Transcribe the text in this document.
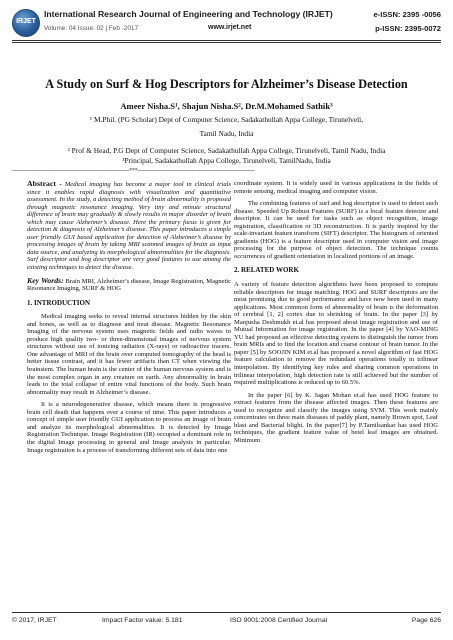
IRJET
International Research Journal of Engineering and Technology (IRJET)
Volume: 04 Issue: 02 | Feb -2017	www.irjet.net
e-ISSN: 2395 -0056
p-ISSN: 2395-0072
A Study on Surf & Hog Descriptors for Alzheimer’s Disease Detection
Ameer Nisha.S¹, Shajun Nisha.S², Dr.M.Mohamed Sathik³
¹ M.Phil. (PG Scholar) Dept of Computer Science, Sadakathullah Appa College, Tirunelveli,
Tamil Nadu, India
² Prof & Head, P.G Dept of Computer Science, Sadakathullah Appa College, Tirunelveli, Tamil Nadu, India
³Principal, Sadakathullah Appa College, Tirunelveli, TamilNadu, India
---------------------------------------------------------------------***---------------------------------------------------------------------

Abstract - Medical imaging has become a major tool in clinical trials since it enables rapid diagnosis with visualization and quantitative assessment. In the study, a detecting method of brain abnormality is proposed through magnetic resonance imaging. Very tiny and minute structural difference of brain may gradually & slowly results in major disorder of brain which may cause Alzheimer’s disease. Here the primary focus is given for detection & diagnosis of Alzheimer’s disease. This paper introduces a simple user friendly GUI based application for detection of Alzheimer’s disease by processing images of brain by taking MRI scanned images of brain as input data source, and analyzing its morphological abnormalities for the diagnosis. Surf descriptor and hog descriptor are very good features to use among the existing techniques to detect the disease.

Key Words: Brain MRI, Alzheimer’s disease, Image Registration, Magnetic Resonance Imaging, SURF & HOG

1. INTRODUCTION

Medical imaging seeks to reveal internal structures hidden by the skin and bones, as well as to diagnose and treat disease. Magnetic Resonance Imaging of the nervous system uses magnetic fields and radio waves to produce high quality two- or three-dimensional images of nervous system structures without use of ionizing radiation (X-rays) or radioactive tracers. One advantage of MRI of the brain over computed tomography of the head is better tissue contrast, and it has fewer artifacts than CT when viewing the brainstem. The human brain is the center of the human nervous system and is the most complex organ in any creature on earth. Any abnormality in brain leads to the total collapse of entire vital functions of the body. Such brain abnormality may result in Alzheimer’s disease.

It is a neurodegenerative disease, which means there is progressive brain cell death that happens over a course of time. This paper introduces a concept of simple user friendly GUI application to process an image of brain and analyze its morphological abnormalities. It is detected by Image Registration Technique. Image Registration (IR) occupied a dominant role in the digital Image processing in general and Image analysis in particular. Image registration is a process of transforming different sets of data into one

coordinate system. It is widely used in various applications in the fields of remote sensing, medical imaging and computer vision.

The combining features of surf and hog descriptor is used to detect such disease. Speeded Up Robust Features (SURF) is a local feature detector and descriptor. It can be used for tasks such as object recognition, image registration, classification or 3D reconstruction. It is partly inspired by the scale-invariant feature transform (SIFT) descriptor. The histogram of oriented gradients (HOG) is a feature descriptor used in computer vision and image processing for the purpose of object detection. The technique counts occurrences of gradient orientation in localized portions of an image.

2. RELATED WORK

A variety of feature detection algorithms have been proposed to compute reliable descriptors for image matching. HOG and SURF descriptors are the most promising due to good performance and have now been used in many applications. Most common form of abnormality of brain is the deformation of cerebral [1, 2] cortex due to shrinking of brain. In the paper [3] by Manjusha Deshmukh et.al has proposed about image registration and use of Mutual Information for image registration. In the paper [4] by YAO-MING YU had proposed an effective detecting system to distinguish the tumor from brain MRIs and to find the location and coarse contour of brain tumor. In the paper [5] by SOOJIN KIM et.al has proposed a novel algorithm of fast HOG feature calculation to remove the redundant operations totally in trilinear interpolation. By identifying key rules and sharing common operations in trilinear interpolation, high detection rate is still achieved but the number of required multiplications is reduced up to 60.5%.

In the paper [6] by K. Jagan Mohan et.al has used HOG feature to extract features from the disease affected images. Then these features are used to recognize and classify the images using SVM. This work mainly concentrates on three main diseases of paddy plant, namely Brown spot, Leaf blast and Bacterial blight. In the paper[7] by P.Tamilsankar has used HOG techniques, the gradient feature value of betel leaf images are obtained. Minimum

© 2017, IRJET	Impact Factor value: 5.181	ISO 9001:2008 Certified Journal	Page 626
